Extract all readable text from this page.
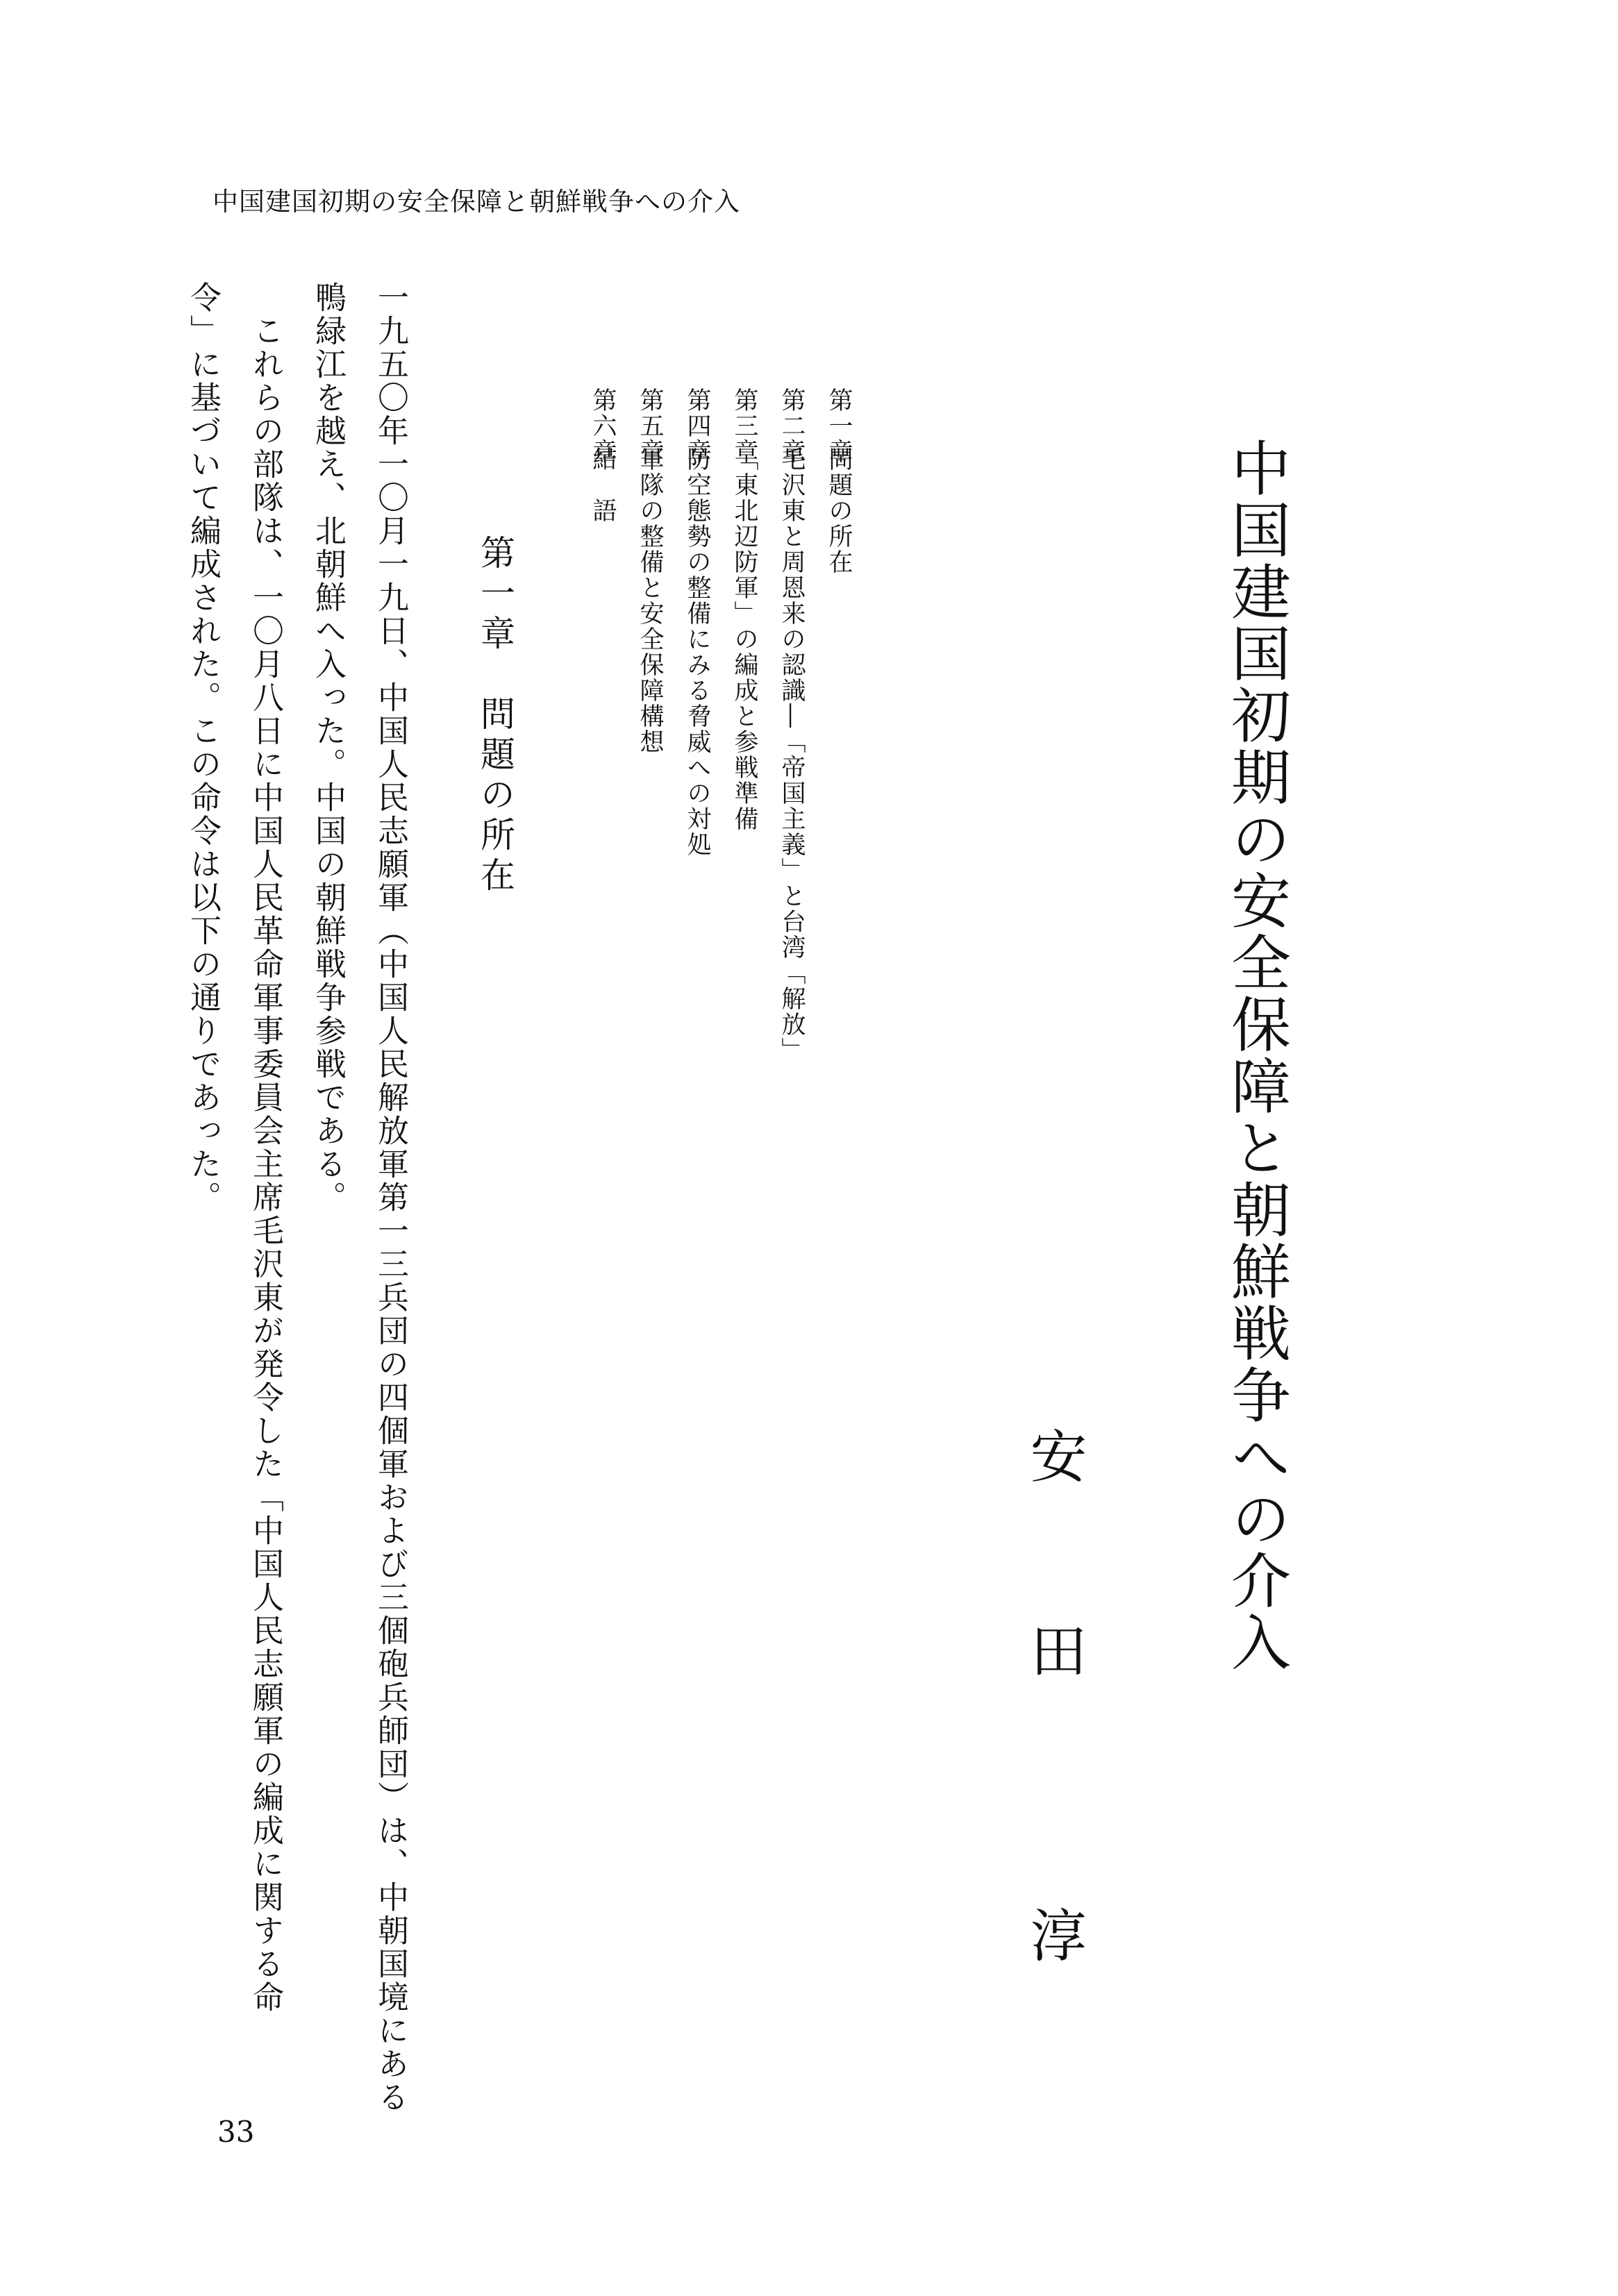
中国建国初期の安全保障と朝鮮戦争への介入
中国建国初期の安全保障と朝鮮戦争への介入
安
田
淳
第一章問題の所在
第二章毛沢東と周恩来の認識―「帝国主義」と台湾「解放」
第三章「東北辺防軍」の編成と参戦準備
第四章防空態勢の整備にみる脅威への対処
第五章軍隊の整備と安全保障構想
第六章結　語
第一章　問題の所在
一九五〇年一〇月一九日、中国人民志願軍（中国人民解放軍第一三兵団の四個軍および三個砲兵師団）は、中朝国境にある
鴨緑江を越え、北朝鮮へ入った。中国の朝鮮戦争参戦である。
　これらの部隊は、一〇月八日に中国人民革命軍事委員会主席毛沢東が発令した「中国人民志願軍の編成に関する命
令」に基づいて編成された。この命令は以下の通りであった。
33
